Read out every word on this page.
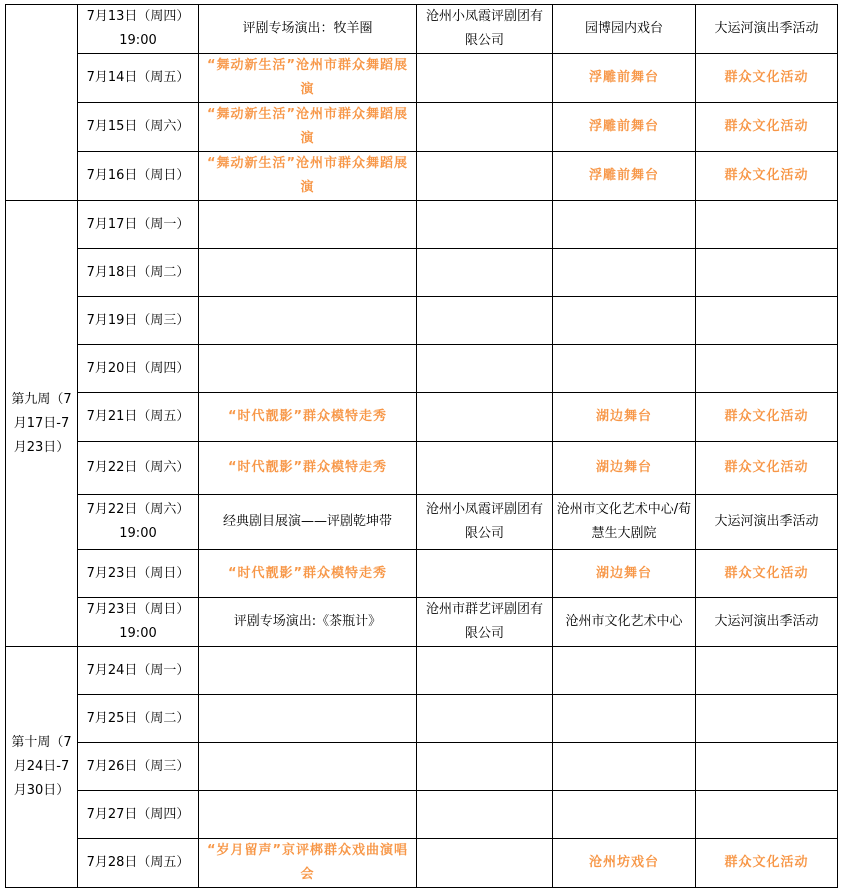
	7月13日（周四）19:00	评剧专场演出：牧羊圈	沧州小凤霞评剧团有限公司	园博园内戏台	大运河演出季活动
	7月14日（周五）	“舞动新生活”沧州市群众舞蹈展演		浮雕前舞台	群众文化活动
	7月15日（周六）	“舞动新生活”沧州市群众舞蹈展演		浮雕前舞台	群众文化活动
	7月16日（周日）	“舞动新生活”沧州市群众舞蹈展演		浮雕前舞台	群众文化活动
第九周（7月17日-7月23日）	7月17日（周一）				
	7月18日（周二）				
	7月19日（周三）				
	7月20日（周四）				
	7月21日（周五）	“时代靓影”群众模特走秀		湖边舞台	群众文化活动
	7月22日（周六）	“时代靓影”群众模特走秀		湖边舞台	群众文化活动
	7月22日（周六）19:00	经典剧目展演——评剧乾坤带	沧州小凤霞评剧团有限公司	沧州市文化艺术中心/荀慧生大剧院	大运河演出季活动
	7月23日（周日）	“时代靓影”群众模特走秀		湖边舞台	群众文化活动
	7月23日（周日）19:00	评剧专场演出:《茶瓶计》	沧州市群艺评剧团有限公司	沧州市文化艺术中心	大运河演出季活动
第十周（7月24日-7月30日）	7月24日（周一）				
	7月25日（周二）				
	7月26日（周三）				
	7月27日（周四）				
	7月28日（周五）	“岁月留声”京评梆群众戏曲演唱会		沧州坊戏台	群众文化活动
